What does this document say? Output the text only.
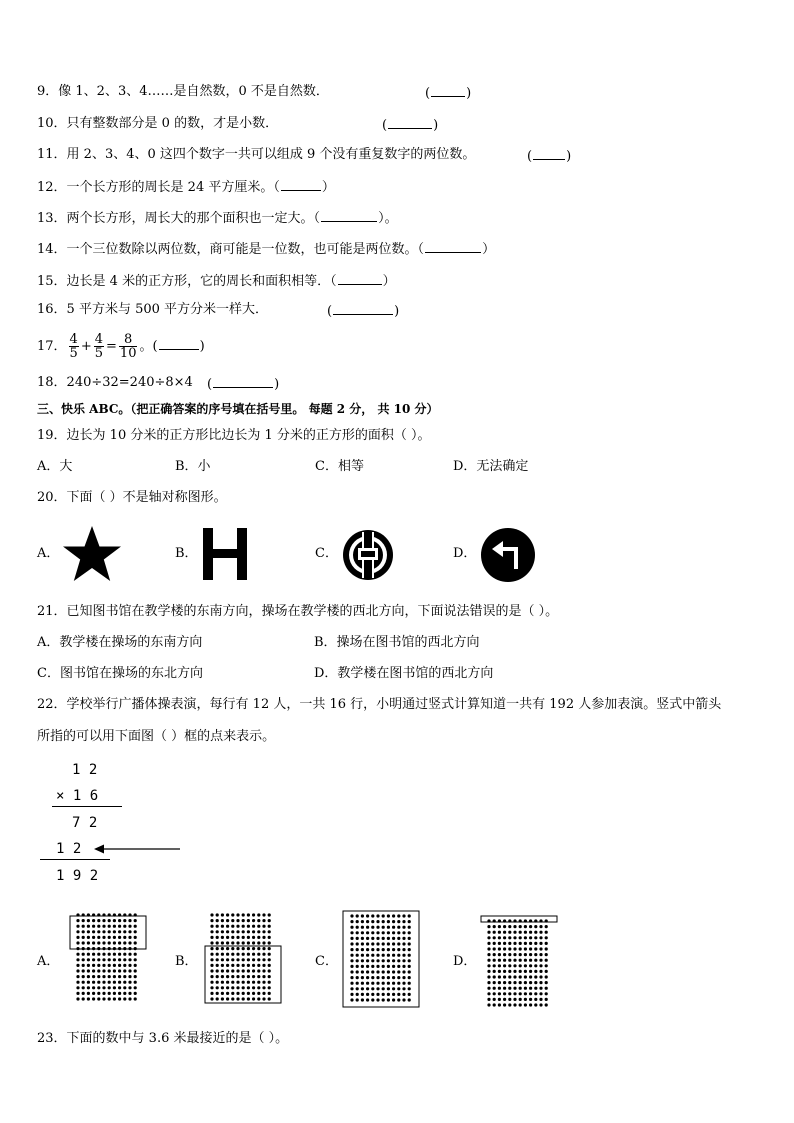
9．像 1、2、3、4……是自然数，0 不是自然数．	(	)
10．只有整数部分是 0 的数，才是小数．	(	)
11．用 2、3、4、0 这四个数字一共可以组成 9 个没有重复数字的两位数。	(	)
12．一个长方形的周长是 24 平方厘米。（	）
13．两个长方形，周长大的那个面积也一定大。（	）。
14．一个三位数除以两位数，商可能是一位数，也可能是两位数。（	）
15．边长是 4 米的正方形，它的周长和面积相等．（	）
16．5 平方米与 500 平方分米一样大．	(	)
17． $\frac{4}{5} + \frac{4}{5} = \frac{8}{10}$ 。(	)
18．240÷32=240÷8×4 (	)
三、快乐 ABC。（把正确答案的序号填在括号里。 每题 2 分， 共 10 分）
19．边长为 10 分米的正方形比边长为 1 分米的正方形的面积（ ）。
A．大	B．小	C．相等	D．无法确定
20．下面（ ）不是轴对称图形。
A．	B．	C．	D．
21．已知图书馆在教学楼的东南方向，操场在教学楼的西北方向，下面说法错误的是（ ）。
A．教学楼在操场的东南方向	B．操场在图书馆的西北方向
C．图书馆在操场的东北方向	D．教学楼在图书馆的西北方向
22．学校举行广播体操表演，每行有 12 人，一共 16 行，小明通过竖式计算知道一共有 192 人参加表演。竖式中箭头
所指的可以用下面图（ ）框的点来表示。
1 2
× 1 6
7 2
1 2
1 9 2
A．	B．	C．	D．
23．下面的数中与 3.6 米最接近的是（ ）。
